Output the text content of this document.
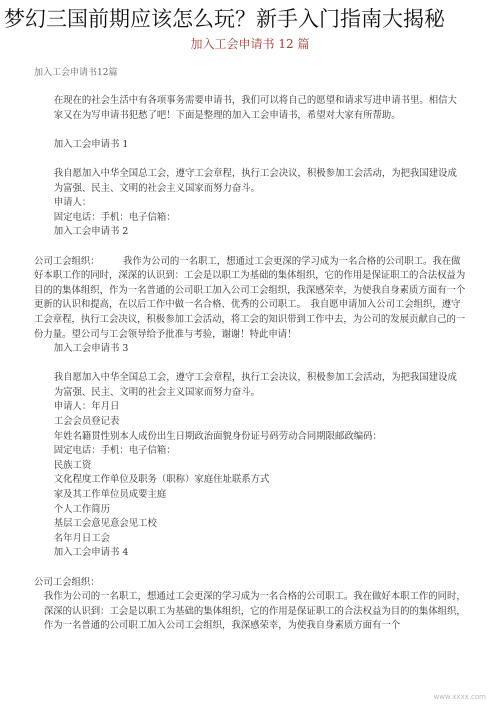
梦幻三国前期应该怎么玩？新手入门指南大揭秘
加入工会申请书 12 篇
加入工会申请书12篇

在现在的社会生活中有各项事务需要申请书，我们可以将自己的愿望和请求写进申请书里。相信大家又在为写申请书犯愁了吧！下面是整理的加入工会申请书，希望对大家有所帮助。

加入工会申请书 1

我自愿加入中华全国总工会，遵守工会章程，执行工会决议，积极参加工会活动，为把我国建设成为富强、民主、文明的社会主义国家而努力奋斗。

申请人：

固定电话：手机：电子信箱：

加入工会申请书 2

公司工会组织：　　　我作为公司的一名职工，想通过工会更深的学习成为一名合格的公司职工。我在做好本职工作的同时，深深的认识到：工会是以职工为基础的集体组织，它的作用是保证职工的合法权益为目的的集体组织，作为一名普通的公司职工加入公司工会组织，我深感荣幸，为使我自身素质方面有一个更新的认识和提高，在以后工作中做一名合格、优秀的公司职工。　我自愿申请加入公司工会组织，遵守工会章程，执行工会决议，积极参加工会活动，将工会的知识带到工作中去，为公司的发展贡献自己的一份力量。望公司与工会领导给予批准与考验，谢谢！特此申请！

加入工会申请书 3

我自愿加入中华全国总工会，遵守工会章程，执行工会决议，积极参加工会活动，为把我国建设成为富强、民主、文明的社会主义国家而努力奋斗。

申请人：年月日

工会会员登记表

年姓名籍贯性别本人成份出生日期政治面貌身份证号码劳动合同期限邮政编码：

固定电话：手机：电子信箱：

民族工资

文化程度工作单位及职务（职称）家庭住址联系方式

家及其工作单位员成要主庭

个人工作简历

基层工会意见意会见工校

名年月日工会

加入工会申请书 4

公司工会组织：

我作为公司的一名职工，想通过工会更深的学习成为一名合格的公司职工。我在做好本职工作的同时，深深的认识到：工会是以职工为基础的集体组织，它的作用是保证职工的合法权益为目的的集体组织，作为一名普通的公司职工加入公司工会组织，我深感荣幸，为使我自身素质方面有一个

www.xxxx.com
